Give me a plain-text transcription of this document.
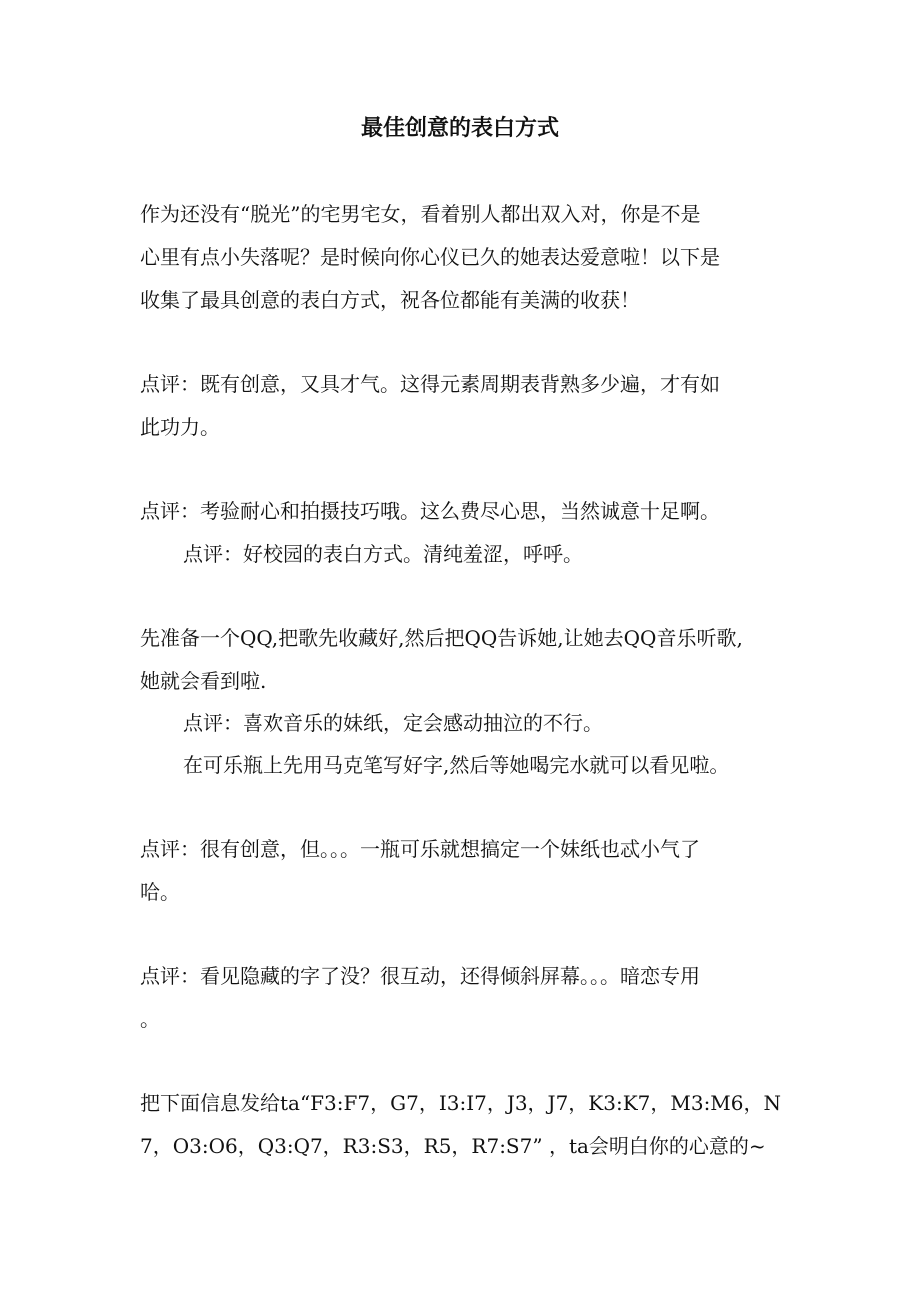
最佳创意的表白方式

作为还没有“脱光”的宅男宅女，看着别人都出双入对，你是不是

心里有点小失落呢？是时候向你心仪已久的她表达爱意啦！以下是

收集了最具创意的表白方式，祝各位都能有美满的收获！

点评：既有创意，又具才气。这得元素周期表背熟多少遍，才有如

此功力。

点评：考验耐心和拍摄技巧哦。这么费尽心思，当然诚意十足啊。

点评：好校园的表白方式。清纯羞涩，呼呼。

先准备一个QQ,把歌先收藏好,然后把QQ告诉她,让她去QQ音乐听歌,

她就会看到啦.

点评：喜欢音乐的妹纸，定会感动抽泣的不行。

在可乐瓶上先用马克笔写好字,然后等她喝完水就可以看见啦。

点评：很有创意，但。。。一瓶可乐就想搞定一个妹纸也忒小气了

哈。

点评：看见隐藏的字了没？很互动，还得倾斜屏幕。。。暗恋专用

。

把下面信息发给ta“F3:F7，G7，I3:I7，J3，J7，K3:K7，M3:M6，N

7，O3:O6，Q3:Q7，R3:S3，R5，R7:S7” ，ta会明白你的心意的~
